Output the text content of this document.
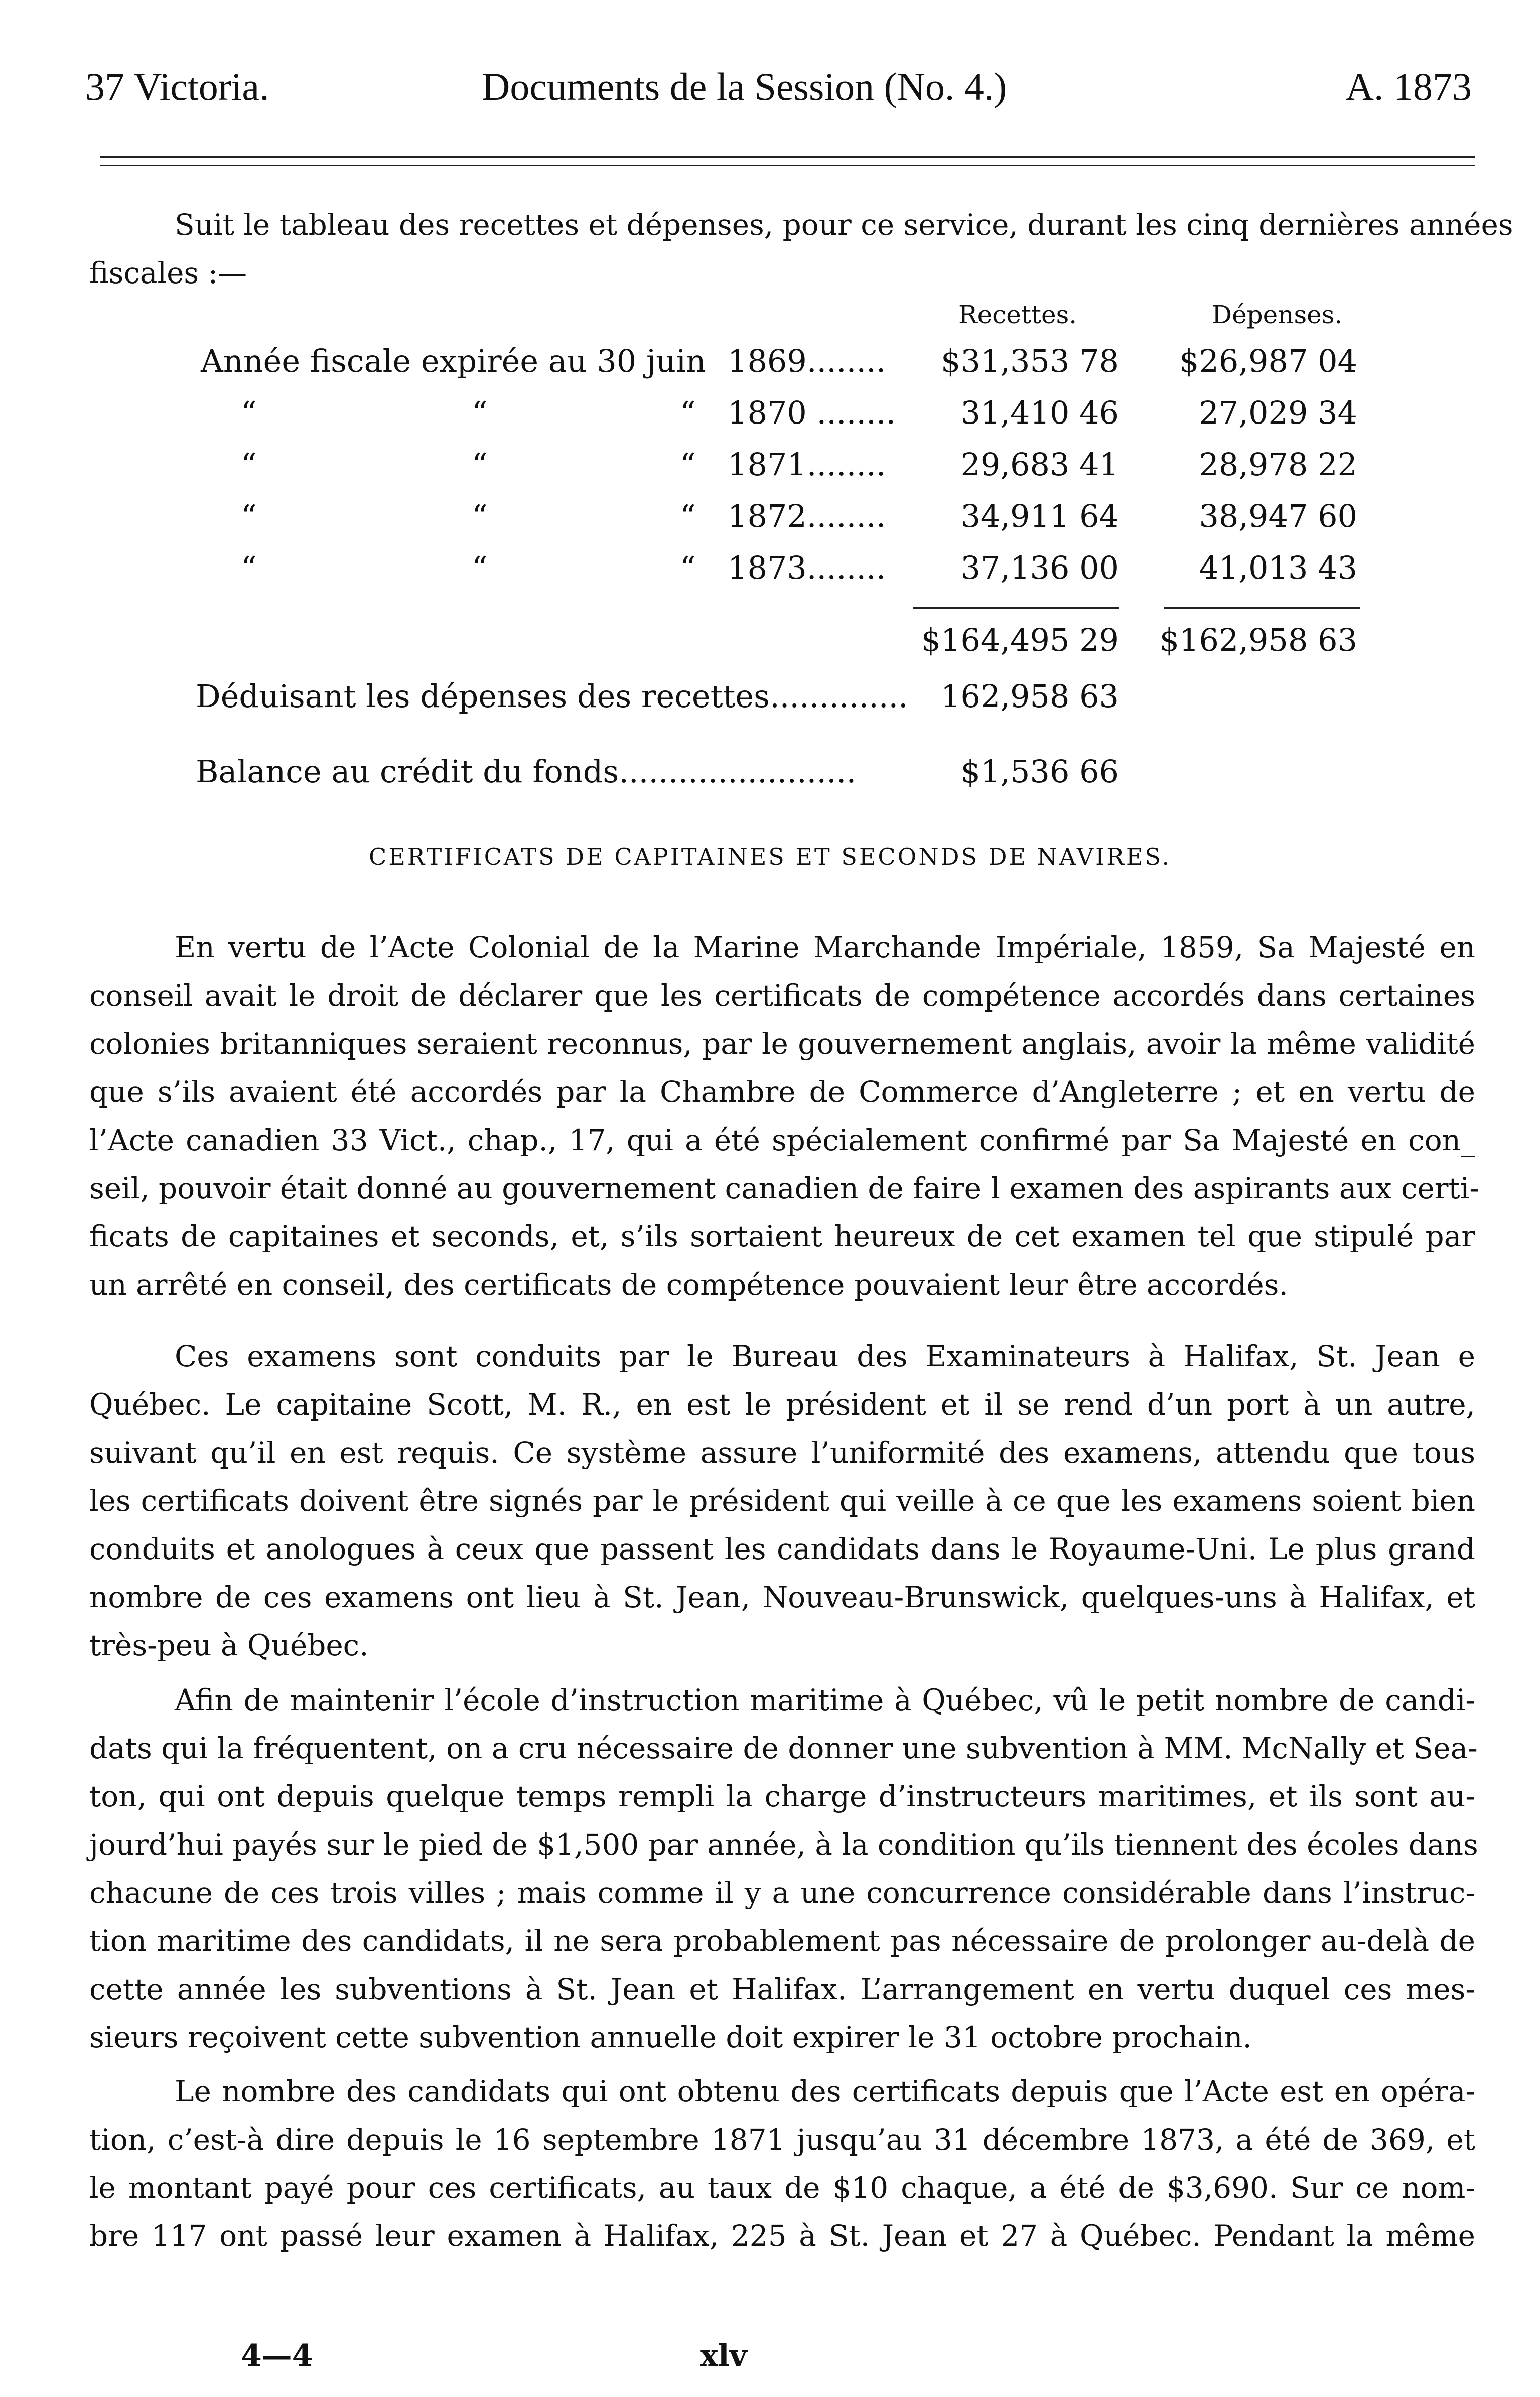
37 Victoria.	Documents de la Session (No. 4.)	A. 1873

Suit le tableau des recettes et dépenses, pour ce service, durant les cinq dernières années
fiscales :—

Recettes.	Dépenses.
Année fiscale expirée au 30 juin 1869........	$31,353 78	$26,987 04
“	“	“ 1870 ........	31,410 46	27,029 34
“	“	“ 1871........	29,683 41	28,978 22
“	“	“ 1872........	34,911 64	38,947 60
“	“	“ 1873........	37,136 00	41,013 43
$164,495 29	$162,958 63
Déduisant les dépenses des recettes..............	162,958 63
Balance au crédit du fonds........................	$1,536 66
CERTIFICATS DE CAPITAINES ET SECONDS DE NAVIRES.

En vertu de l’Acte Colonial de la Marine Marchande Impériale, 1859, Sa Majesté en
conseil avait le droit de déclarer que les certificats de compétence accordés dans certaines
colonies britanniques seraient reconnus, par le gouvernement anglais, avoir la même validité
que s’ils avaient été accordés par la Chambre de Commerce d’Angleterre ; et en vertu de
l’Acte canadien 33 Vict., chap., 17, qui a été spécialement confirmé par Sa Majesté en con_
seil, pouvoir était donné au gouvernement canadien de faire l examen des aspirants aux certi-
ficats de capitaines et seconds, et, s’ils sortaient heureux de cet examen tel que stipulé par
un arrêté en conseil, des certificats de compétence pouvaient leur être accordés.

Ces examens sont conduits par le Bureau des Examinateurs à Halifax, St. Jean e
Québec. Le capitaine Scott, M. R., en est le président et il se rend d’un port à un autre,
suivant qu’il en est requis. Ce système assure l’uniformité des examens, attendu que tous
les certificats doivent être signés par le président qui veille à ce que les examens soient bien
conduits et anologues à ceux que passent les candidats dans le Royaume-Uni. Le plus grand
nombre de ces examens ont lieu à St. Jean, Nouveau-Brunswick, quelques-uns à Halifax, et
très-peu à Québec.

Afin de maintenir l’école d’instruction maritime à Québec, vû le petit nombre de candi-
dats qui la fréquentent, on a cru nécessaire de donner une subvention à MM. McNally et Sea-
ton, qui ont depuis quelque temps rempli la charge d’instructeurs maritimes, et ils sont au-
jourd’hui payés sur le pied de $1,500 par année, à la condition qu’ils tiennent des écoles dans
chacune de ces trois villes ; mais comme il y a une concurrence considérable dans l’instruc-
tion maritime des candidats, il ne sera probablement pas nécessaire de prolonger au-delà de
cette année les subventions à St. Jean et Halifax. L’arrangement en vertu duquel ces mes-
sieurs reçoivent cette subvention annuelle doit expirer le 31 octobre prochain.

Le nombre des candidats qui ont obtenu des certificats depuis que l’Acte est en opéra-
tion, c’est-à dire depuis le 16 septembre 1871 jusqu’au 31 décembre 1873, a été de 369, et
le montant payé pour ces certificats, au taux de $10 chaque, a été de $3,690. Sur ce nom-
bre 117 ont passé leur examen à Halifax, 225 à St. Jean et 27 à Québec. Pendant la même

4—4	xlv
